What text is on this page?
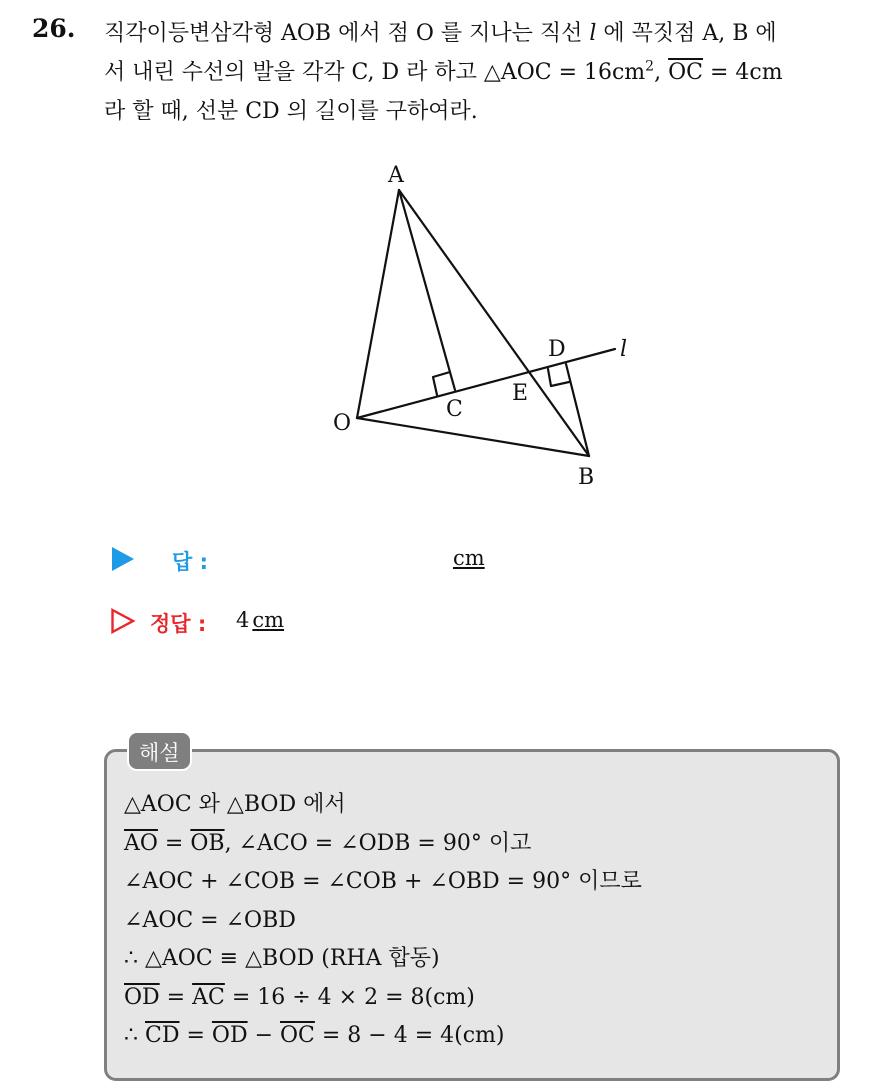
26. 직각이등변삼각형 AOB 에서 점 O 를 지나는 직선 l 에 꼭짓점 A, B 에
서 내린 수선의 발을 각각 C, D 라 하고 △AOC = $16cm^2$, $\overline{OC} = 4cm$
라 할 때, 선분 CD 의 길이를 구하여라.
A
O
B
C
D
E
l
답 :	cm
정답 : 4 cm
해설
△AOC 와 △BOD 에서
$\overline{AO} = \overline{OB}$, ∠ACO = ∠ODB = 90° 이고
∠AOC + ∠COB = ∠COB + ∠OBD = 90° 이므로
∠AOC = ∠OBD
∴ △AOC ≡ △BOD (RHA 합동)
$\overline{OD} = \overline{AC} = 16 \div 4 \times 2 = 8(cm)$
∴ $\overline{CD} = \overline{OD} - \overline{OC} = 8 - 4 = 4(cm)$
